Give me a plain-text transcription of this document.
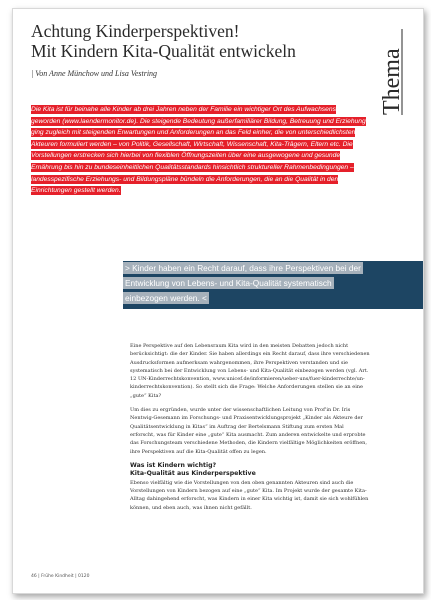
Achtung Kinderperspektiven!
Mit Kindern Kita-Qualität entwickeln
| Von Anne Münchow und Lisa Vestring	Thema
Die Kita ist für beinahe alle Kinder ab drei Jahren neben der Familie ein wichtiger Ort des Aufwachsens geworden (www.laendermonitor.de). Die steigende Bedeutung außerfamiliärer Bildung, Betreuung und Erziehung ging zugleich mit steigenden Erwartungen und Anforderungen an das Feld einher, die von unterschiedlichsten Akteuren formuliert werden – von Politik, Gesellschaft, Wirtschaft, Wissenschaft, Kita-Trägern, Eltern etc. Die Vorstellungen erstrecken sich hierbei von flexiblen Öffnungszeiten über eine ausgewogene und gesunde Ernährung bis hin zu bundeseinheitlichen Qualitätsstandards hinsichtlich struktureller Rahmenbedingungen – landesspezifische Erziehungs- und Bildungspläne bündeln die Anforderungen, die an die Qualität in den Einrichtungen gestellt werden.
> Kinder haben ein Recht darauf, dass ihre Perspektiven bei der Entwicklung von Lebens- und Kita-Qualität systematisch einbezogen werden. <

Eine Perspektive auf den Lebensraum Kita wird in den meisten Debatten jedoch nicht berücksichtigt: die der Kinder. Sie haben allerdings ein Recht darauf, dass ihre verschiedenen Ausdrucksformen aufmerksam wahrgenommen, ihre Perspektiven verstanden und sie systematisch bei der Entwicklung von Lebens- und Kita-Qualität einbezogen werden (vgl. Art. 12 UN-Kinderrechtskonvention, www.unicef.de/informieren/ueber-uns/fuer-kinderrechte/un-kinderrechtskonvention). So stellt sich die Frage: Welche Anforderungen stellen sie an eine „gute“ Kita?

Um dies zu ergründen, wurde unter der wissenschaftlichen Leitung von Prof'in Dr. Iris Nentwig-Gesemann im Forschungs- und Praxisentwicklungsprojekt „Kinder als Akteure der Qualitätsentwicklung in Kitas“ im Auftrag der Bertelsmann Stiftung zum ersten Mal erforscht, was für Kinder eine „gute“ Kita ausmacht. Zum anderen entwickelte und erprobte das Forschungsteam verschiedene Methoden, die Kindern vielfältige Möglichkeiten eröffnen, ihre Perspektiven auf die Kita-Qualität offen zu legen.

Was ist Kindern wichtig?
Kita-Qualität aus Kinderperspektive

Ebenso vielfältig wie die Vorstellungen von den oben genannten Akteuren sind auch die Vorstellungen von Kindern bezogen auf eine „gute“ Kita. Im Projekt wurde der gesamte Kita-Alltag dahingehend erforscht, was Kindern in einer Kita wichtig ist, damit sie sich wohlfühlen können, und eben auch, was ihnen nicht gefällt.

46 | Frühe Kindheit | 0120
